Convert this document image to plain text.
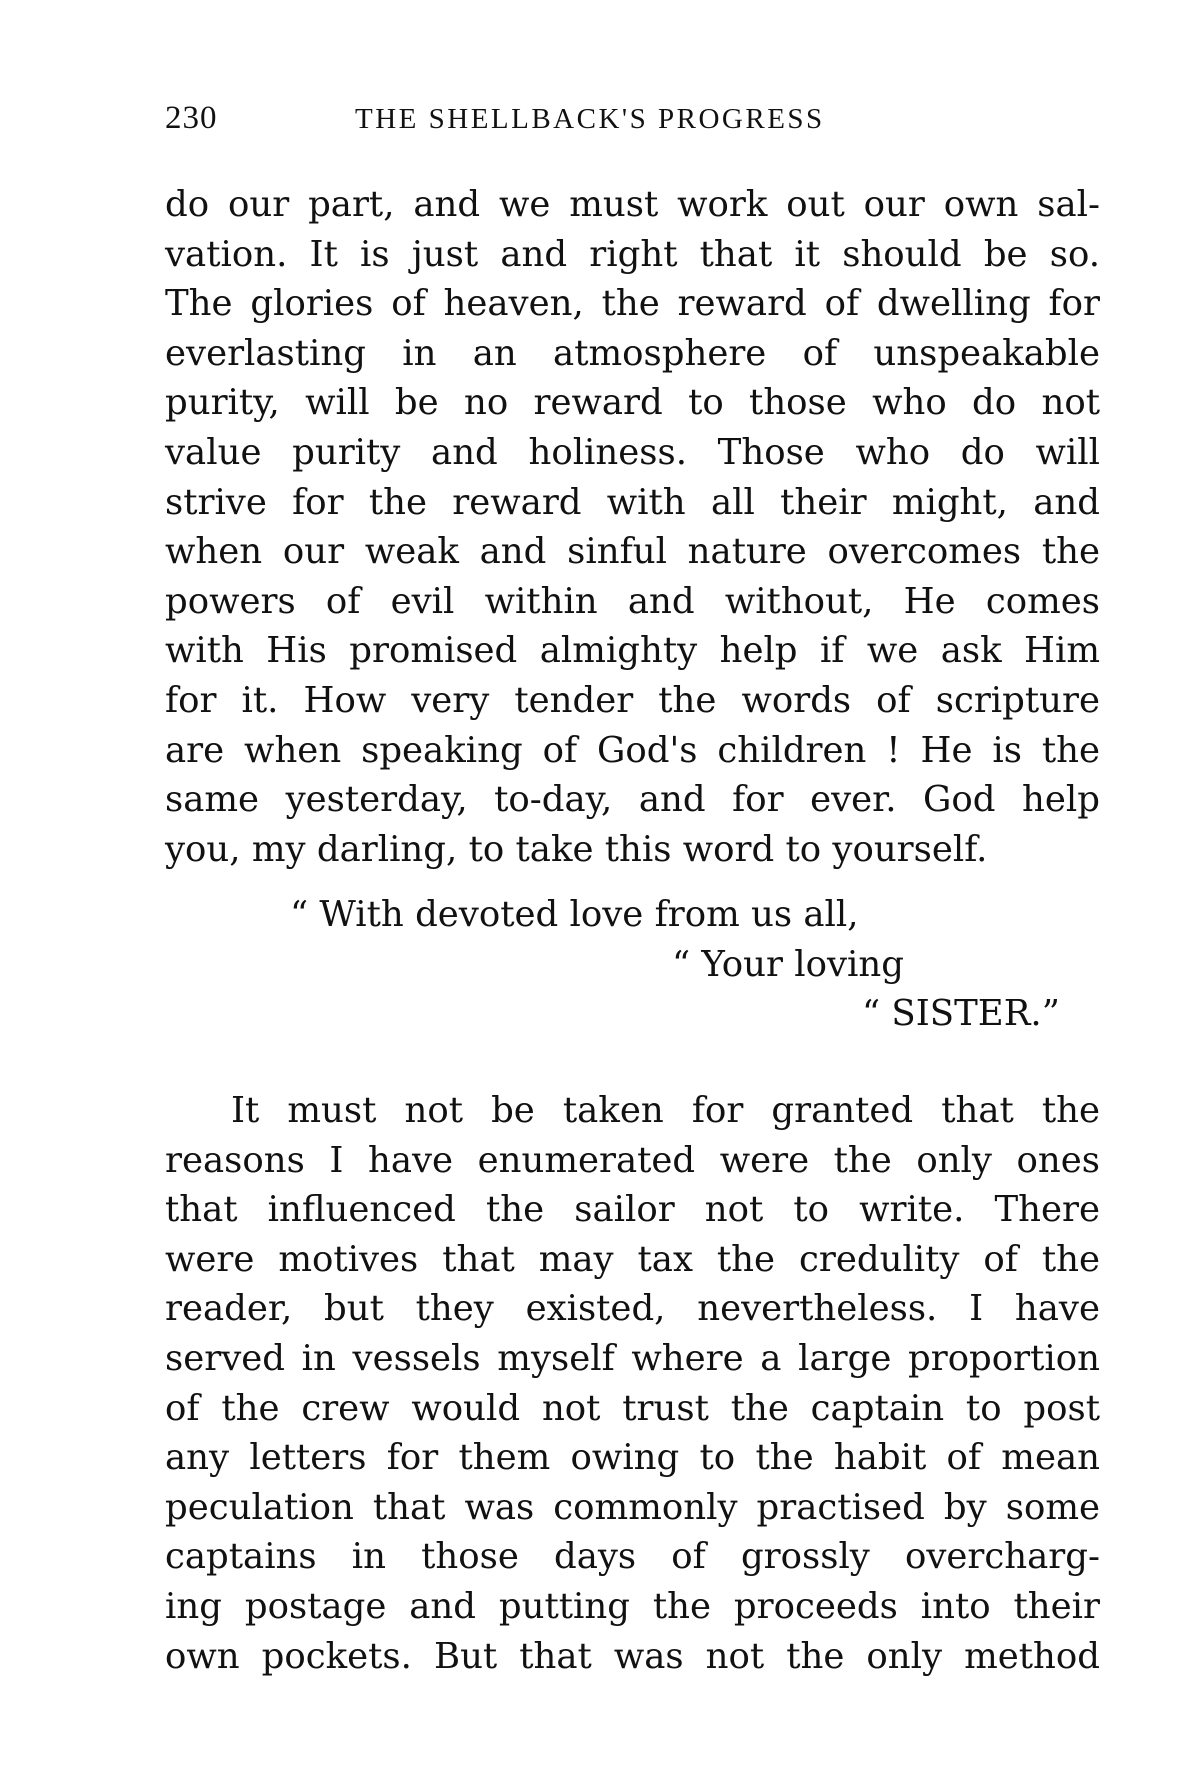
230	THE SHELLBACK'S PROGRESS
do our part, and we must work out our own sal-
vation. It is just and right that it should be so.
The glories of heaven, the reward of dwelling for
everlasting in an atmosphere of unspeakable
purity, will be no reward to those who do not
value purity and holiness. Those who do will
strive for the reward with all their might, and
when our weak and sinful nature overcomes the
powers of evil within and without, He comes
with His promised almighty help if we ask Him
for it. How very tender the words of scripture
are when speaking of God's children ! He is the
same yesterday, to-day, and for ever. God help
you, my darling, to take this word to yourself.
“ With devoted love from us all,
“ Your loving
“ SISTER.”
It must not be taken for granted that the
reasons I have enumerated were the only ones
that influenced the sailor not to write. There
were motives that may tax the credulity of the
reader, but they existed, nevertheless. I have
served in vessels myself where a large proportion
of the crew would not trust the captain to post
any letters for them owing to the habit of mean
peculation that was commonly practised by some
captains in those days of grossly overcharg-
ing postage and putting the proceeds into their
own pockets. But that was not the only method
